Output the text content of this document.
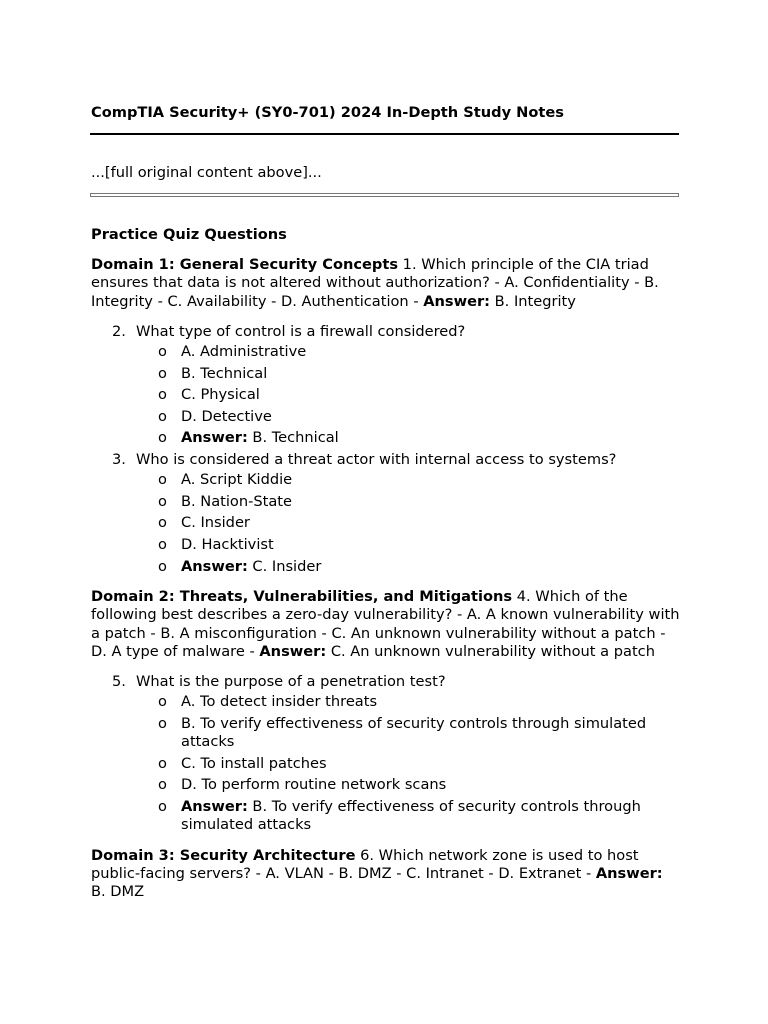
CompTIA Security+ (SY0-701) 2024 In-Depth Study Notes
...[full original content above]...
Practice Quiz Questions

Domain 1: General Security Concepts 1. Which principle of the CIA triad ensures that data is not altered without authorization? - A. Confidentiality - B. Integrity - C. Availability - D. Authentication - Answer: B. Integrity

2. What type of control is a firewall considered?
o A. Administrative
o B. Technical
o C. Physical
o D. Detective
o Answer: B. Technical
3. Who is considered a threat actor with internal access to systems?
o A. Script Kiddie
o B. Nation-State
o C. Insider
o D. Hacktivist
o Answer: C. Insider

Domain 2: Threats, Vulnerabilities, and Mitigations 4. Which of the following best describes a zero-day vulnerability? - A. A known vulnerability with a patch - B. A misconfiguration - C. An unknown vulnerability without a patch - D. A type of malware - Answer: C. An unknown vulnerability without a patch

5. What is the purpose of a penetration test?
o A. To detect insider threats
o B. To verify effectiveness of security controls through simulated attacks
o C. To install patches
o D. To perform routine network scans
o Answer: B. To verify effectiveness of security controls through simulated attacks

Domain 3: Security Architecture 6. Which network zone is used to host public-facing servers? - A. VLAN - B. DMZ - C. Intranet - D. Extranet - Answer: B. DMZ
